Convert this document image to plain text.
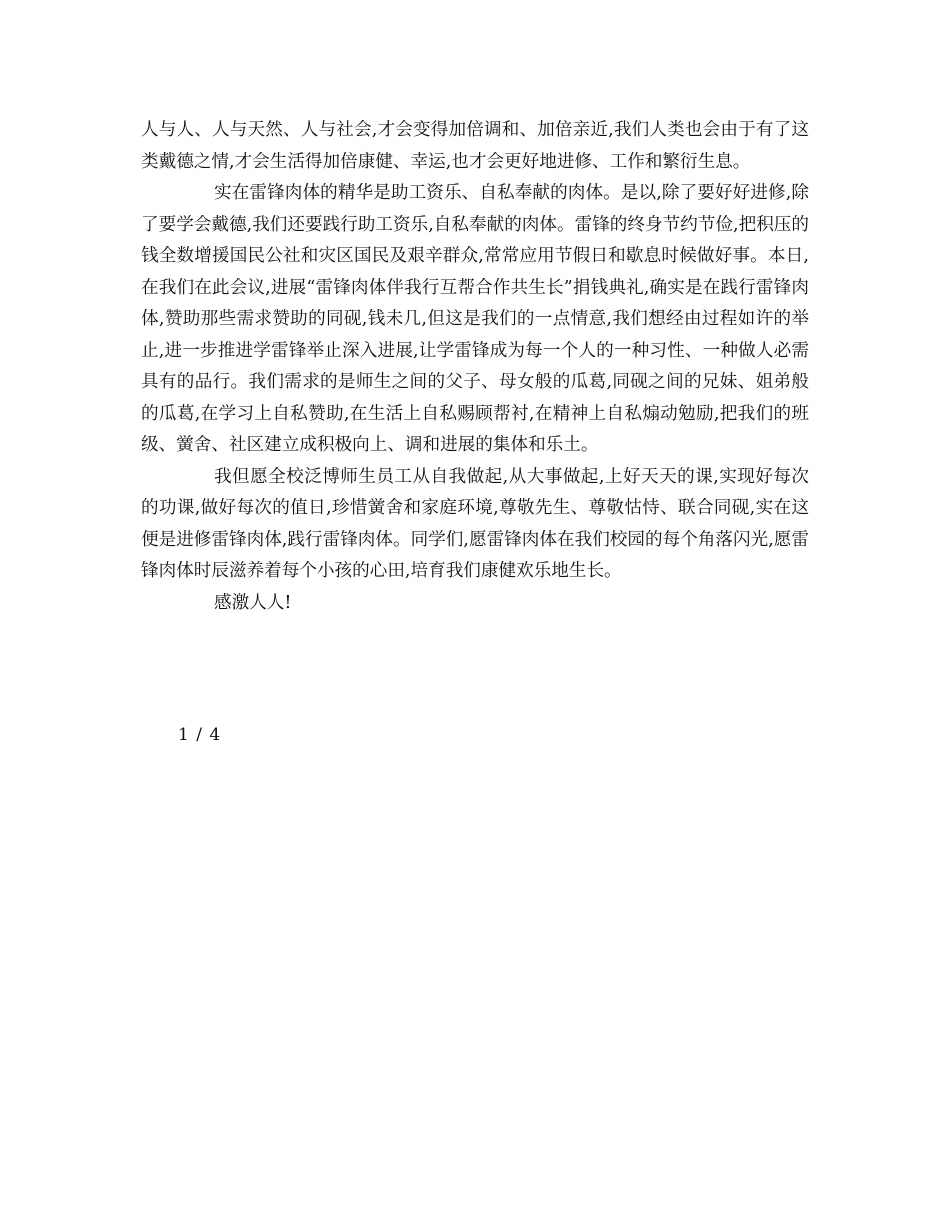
人与人、人与天然、人与社会,才会变得加倍调和、加倍亲近,我们人类也会由于有了这类戴德之情,才会生活得加倍康健、幸运,也才会更好地进修、工作和繁衍生息。

实在雷锋肉体的精华是助工资乐、自私奉献的肉体。是以,除了要好好进修,除了要学会戴德,我们还要践行助工资乐,自私奉献的肉体。雷锋的终身节约节俭,把积压的钱全数增援国民公社和灾区国民及艰辛群众,常常应用节假日和歇息时候做好事。本日,在我们在此会议,进展“雷锋肉体伴我行互帮合作共生长”捐钱典礼,确实是在践行雷锋肉体,赞助那些需求赞助的同砚,钱未几,但这是我们的一点情意,我们想经由过程如许的举止,进一步推进学雷锋举止深入进展,让学雷锋成为每一个人的一种习性、一种做人必需具有的品行。我们需求的是师生之间的父子、母女般的瓜葛,同砚之间的兄妹、姐弟般的瓜葛,在学习上自私赞助,在生活上自私赐顾帮衬,在精神上自私煽动勉励,把我们的班级、黉舍、社区建立成积极向上、调和进展的集体和乐土。

我但愿全校泛博师生员工从自我做起,从大事做起,上好天天的课,实现好每次的功课,做好每次的值日,珍惜黉舍和家庭环境,尊敬先生、尊敬怙恃、联合同砚,实在这便是进修雷锋肉体,践行雷锋肉体。同学们,愿雷锋肉体在我们校园的每个角落闪光,愿雷锋肉体时辰滋养着每个小孩的心田,培育我们康健欢乐地生长。

感激人人!

1 / 4
